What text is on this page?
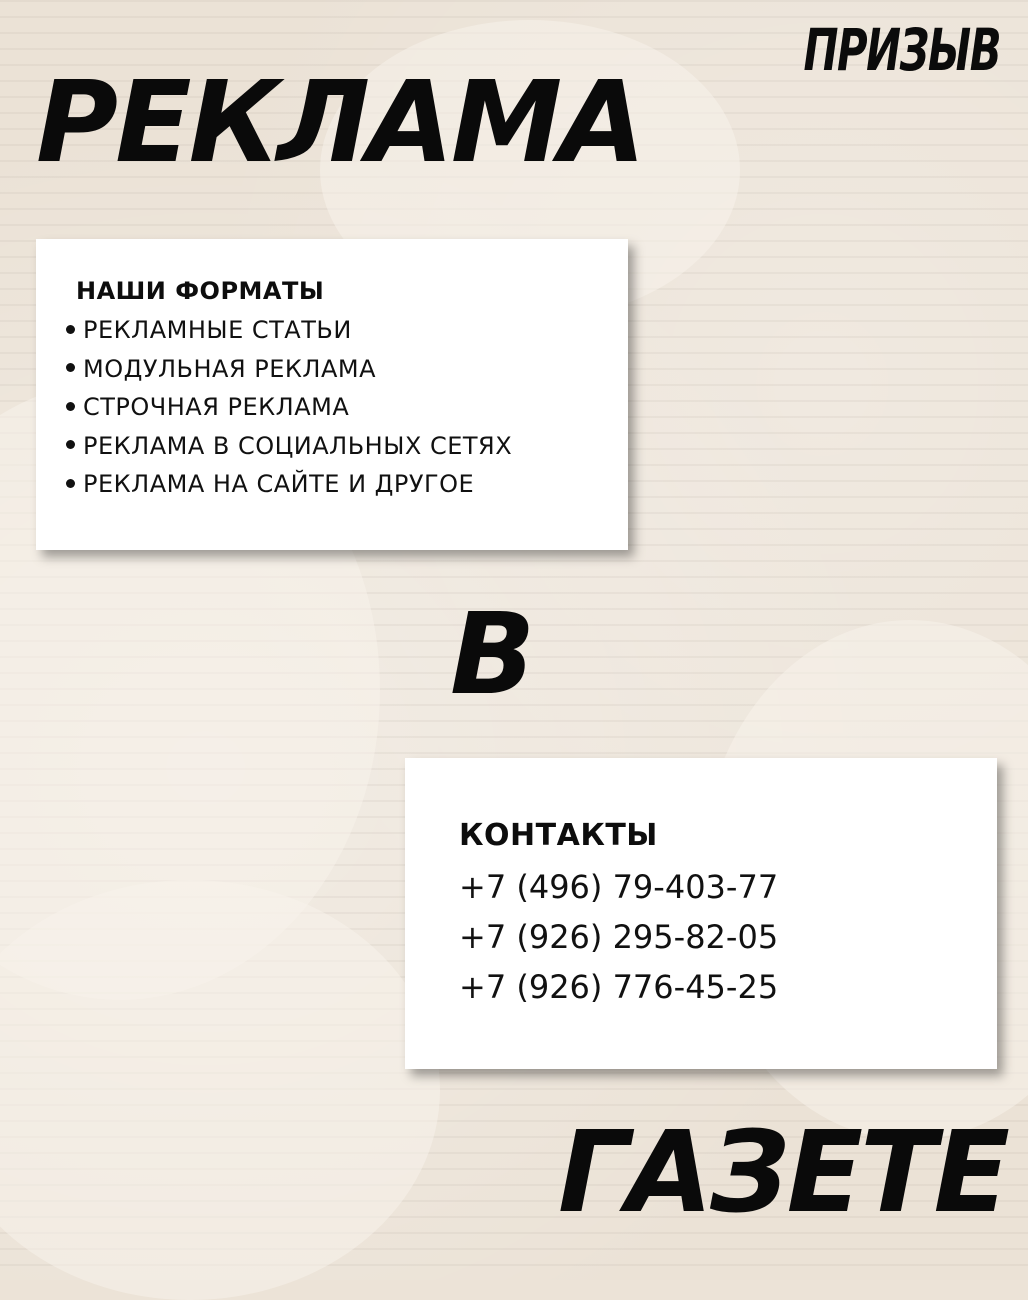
ПРИЗЫВ
РЕКЛАМА
НАШИ ФОРМАТЫ
РЕКЛАМНЫЕ СТАТЬИ
МОДУЛЬНАЯ РЕКЛАМА
СТРОЧНАЯ РЕКЛАМА
РЕКЛАМА В СОЦИАЛЬНЫХ СЕТЯХ
РЕКЛАМА НА САЙТЕ И ДРУГОЕ
В
КОНТАКТЫ
+7 (496) 79-403-77
+7 (926) 295-82-05
+7 (926) 776-45-25
ГАЗЕТЕ
